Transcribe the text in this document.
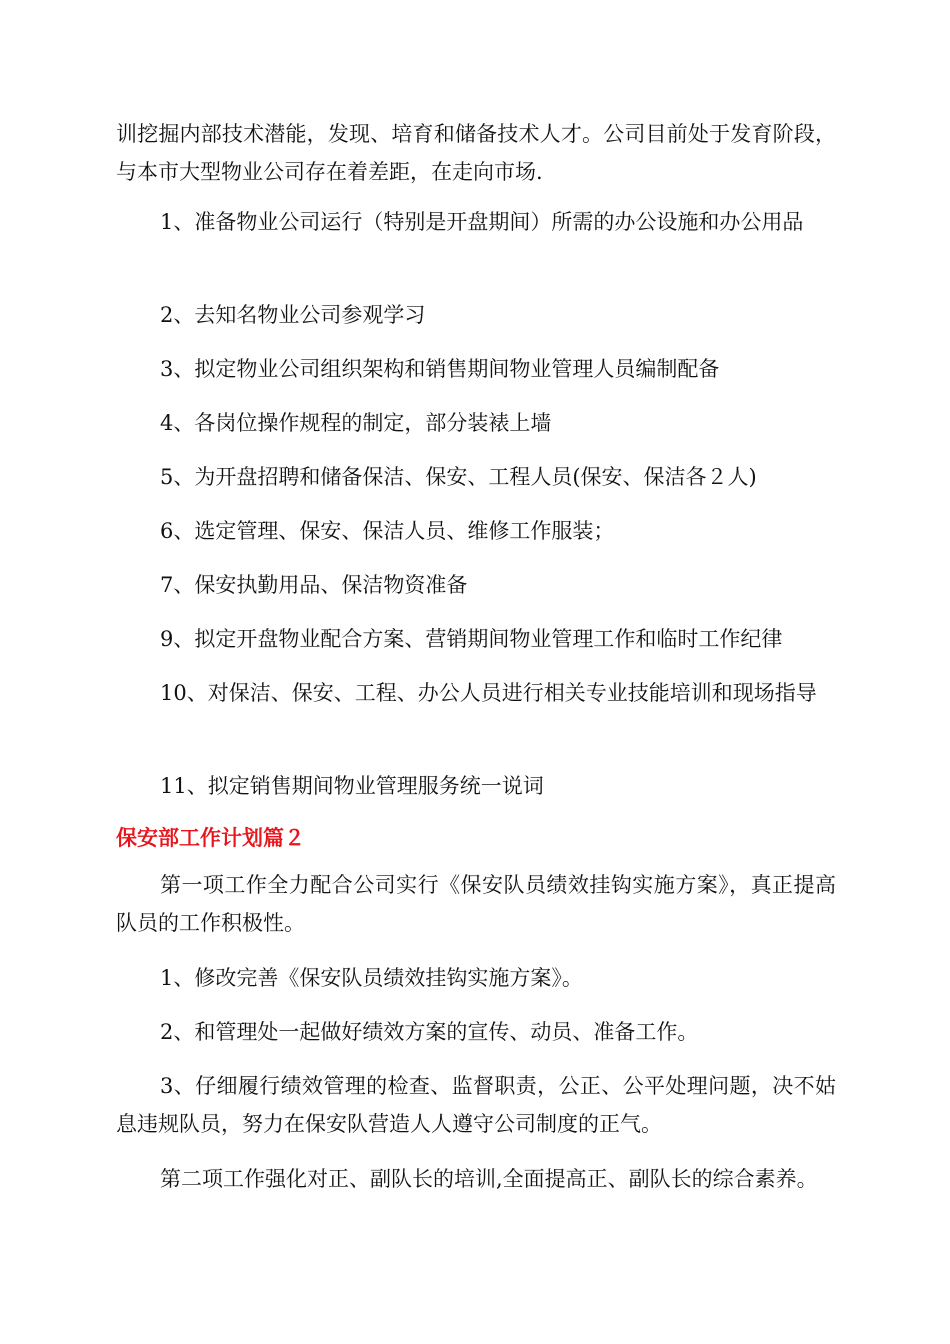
训挖掘内部技术潜能，发现、培育和储备技术人才。公司目前处于发育阶段，与本市大型物业公司存在着差距，在走向市场.

1、准备物业公司运行（特别是开盘期间）所需的办公设施和办公用品

2、去知名物业公司参观学习

3、拟定物业公司组织架构和销售期间物业管理人员编制配备

4、各岗位操作规程的制定，部分装裱上墙

5、为开盘招聘和储备保洁、保安、工程人员(保安、保洁各２人)

6、选定管理、保安、保洁人员、维修工作服装；

7、保安执勤用品、保洁物资准备

9、拟定开盘物业配合方案、营销期间物业管理工作和临时工作纪律

10、对保洁、保安、工程、办公人员进行相关专业技能培训和现场指导

11、拟定销售期间物业管理服务统一说词

保安部工作计划篇２

第一项工作全力配合公司实行《保安队员绩效挂钩实施方案》，真正提高队员的工作积极性。

1、修改完善《保安队员绩效挂钩实施方案》。

2、和管理处一起做好绩效方案的宣传、动员、准备工作。

3、仔细履行绩效管理的检查、监督职责，公正、公平处理问题，决不姑息违规队员，努力在保安队营造人人遵守公司制度的正气。

第二项工作强化对正、副队长的培训,全面提高正、副队长的综合素养。
